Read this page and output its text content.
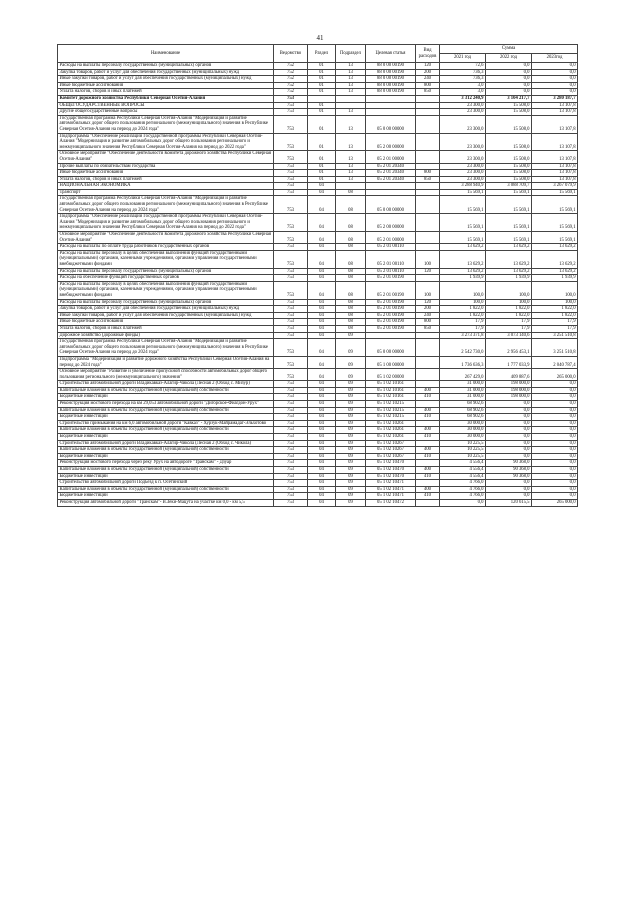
41
Наименование	Ведомство	Раздел	Подраздел	Целевая статья	Вид расходов	Сумма		
						2021 год	2022 год	2023год
Расходы на выплаты персоналу государственных (муниципальных) органов	752	01	13	88 0 00 00190	120	72,6	0,0	0,0
Закупка товаров, работ и услуг для обеспечения государственных (муниципальных) нужд	752	01	13	88 0 00 00190	200	736,3	0,0	0,0
Иные закупки товаров, работ и услуг для обеспечения государственных (муниципальных) нужд	752	01	13	88 0 00 00190	240	736,3	0,0	0,0
Иные бюджетные ассигнования	752	01	13	88 0 00 00190	800	3,0	0,0	0,0
Уплата налогов, сборов и иных платежей	752	01	13	88 0 00 00190	850	3,0	0,0	0,0
Комитет дорожного хозяйства Республики Северная Осетия-Алания	753					3 312 240,9	3 104 217,7	3 280 187,7
ОБЩЕГОСУДАРСТВЕННЫЕ ВОПРОСЫ	753	01				23 300,0	15 508,0	13 107,8
Другие общегосударственные вопросы	753	01	13			23 300,0	15 508,0	13 107,8
Государственная программа Республики Северная Осетия-Алания "Модернизация и развитие автомобильных дорог общего пользования регионального (межмуниципального) значения в Республике Северная Осетия-Алания на период до 2024 года"	753	01	13	05 0 00 00000		23 300,0	15 508,0	13 107,8
Подпрограмма "Обеспечение реализации Государственной программы Республики Северная Осетия-Алания "Модернизация и развитие автомобильных дорог общего пользования регионального и межмуниципального значения Республики Северная Осетия-Алания на период до 2022 года"	753	01	13	05 2 00 00000		23 300,0	15 508,0	13 107,8
Основное мероприятие "Обеспечение деятельности Комитета дорожного хозяйства Республики Северная Осетия-Алания"	753	01	13	05 2 01 00000		23 300,0	15 508,0	13 107,8
Прочие выплаты по обязательствам государства	753	01	13	05 2 01 20340		23 300,0	15 508,0	13 107,8
Иные бюджетные ассигнования	753	01	13	05 2 01 20340	800	23 300,0	15 508,0	13 107,8
Уплата налогов, сборов и иных платежей	753	01	13	05 2 01 20340	850	23 300,0	15 508,0	13 107,8
НАЦИОНАЛЬНАЯ ЭКОНОМИКА	753	04				3 288 940,9	3 088 709,7	3 267 079,9
Транспорт	753	04	08			15 569,1	15 569,1	15 569,1
Государственная программа Республики Северная Осетия-Алания "Модернизация и развитие автомобильных дорог общего пользования регионального (межмуниципального) значения в Республике Северная Осетия-Алания на период до 2024 года"	753	04	08	05 0 00 00000		15 569,1	15 569,1	15 569,1
Подпрограмма "Обеспечение реализации Государственной программы Республики Северная Осетия-Алания "Модернизация и развитие автомобильных дорог общего пользования регионального и межмуниципального значения Республики Северная Осетия-Алания на период до 2022 года"	753	04	08	05 2 00 00000		15 569,1	15 569,1	15 569,1
Основное мероприятие "Обеспечение деятельности Комитета дорожного хозяйства Республики Северная Осетия-Алания"	753	04	08	05 2 01 00000		15 569,1	15 569,1	15 569,1
Расходы на выплаты по оплате труда работников государственных органов	753	04	08	05 2 01 00110		13 629,2	13 629,2	13 629,2
Расходы на выплаты персоналу в целях обеспечения выполнения функций государственными (муниципальными) органами, казенными учреждениями, органами управления государственными внебюджетными фондами	753	04	08	05 2 01 00110	100	13 629,2	13 629,2	13 629,2
Расходы на выплаты персоналу государственных (муниципальных) органов	753	04	08	05 2 01 00110	120	13 629,2	13 629,2	13 629,2
Расходы на обеспечение функций государственных органов	753	04	08	05 2 01 00190		1 939,9	1 939,9	1 939,9
Расходы на выплаты персоналу в целях обеспечения выполнения функций государственными (муниципальными) органами, казенными учреждениями, органами управления государственными внебюджетными фондами	753	04	08	05 2 01 00190	100	100,0	100,0	100,0
Расходы на выплаты персоналу государственных (муниципальных) органов	753	04	08	05 2 01 00190	120	100,0	100,0	100,0
Закупка товаров, работ и услуг для обеспечения государственных (муниципальных) нужд	753	04	08	05 2 01 00190	200	1 822,0	1 822,0	1 822,0
Иные закупки товаров, работ и услуг для обеспечения государственных (муниципальных) нужд	753	04	08	05 2 01 00190	240	1 822,0	1 822,0	1 822,0
Иные бюджетные ассигнования	753	04	08	05 2 01 00190	800	17,9	17,9	17,9
Уплата налогов, сборов и иных платежей	753	04	08	05 2 01 00190	850	17,9	17,9	17,9
Дорожное хозяйство (дорожные фонды)	753	04	09			3 273 371,8	3 073 140,6	3 251 510,8
Государственная программа Республики Северная Осетия-Алания "Модернизация и развитие автомобильных дорог общего пользования регионального (межмуниципального) значения в Республике Северная Осетия-Алания на период до 2024 года"	753	04	09	05 0 00 00000		2 542 730,0	2 956 453,1	3 251 510,8
Подпрограмма "Модернизация и развитие дорожного хозяйства Республики Северная Осетия-Алания на период до 2024 года"	753	04	09	05 1 00 00000		1 736 636,3	1 777 033,9	2 040 787,4
Основное мероприятие "Развитие и увеличение пропускной способности автомобильных дорог общего пользования регионального (межмуниципального) значения"	753	04	09	05 1 02 00000		267 429,0	409 887,6	265 000,0
Строительство автомобильной дороги Владикавказ-Алагир-Чикола (Лесная 2 (Обход с. Мизур)	753	04	09	05 1 02 10161		31 000,0	198 000,0	0,0
Капитальные вложения в объекты государственной (муниципальной) собственности	753	04	09	05 1 02 10161	400	31 000,0	198 000,0	0,0
Бюджетные инвестиции	753	04	09	05 1 02 10161	410	31 000,0	198 000,0	0,0
Реконструкция мостового перехода на км 29,053 автомобильной дороги "Дигорское-Фиагдон-Урух"	753	04	09	05 1 02 10215		68 902,6	0,0	0,0
Капитальные вложения в объекты государственной (муниципальной) собственности	753	04	09	05 1 02 10215	400	68 902,6	0,0	0,0
Бюджетные инвестиции	753	04	09	05 1 02 10215	410	68 902,6	0,0	0,0
Строительство примыкания на км 6,0 автомобильной дороги "Кавказ" - Хурзук-Майрамадаг-Эльхотово	753	04	09	05 1 02 10261		30 000,0	0,0	0,0
Капитальные вложения в объекты государственной (муниципальной) собственности	753	04	09	05 1 02 10261	400	30 000,0	0,0	0,0
Бюджетные инвестиции	753	04	09	05 1 02 10261	410	30 000,0	0,0	0,0
Строительство автомобильной дороги Владикавказ-Алагир-Чикола (Лесная 2 (Обход с. Чикола)	753	04	09	05 1 02 10267		10 225,5	0,0	0,0
Капитальные вложения в объекты государственной (муниципальной) собственности	753	04	09	05 1 02 10267	400	10 225,5	0,0	0,0
Бюджетные инвестиции	753	04	09	05 1 02 10267	410	10 225,5	0,0	0,0
Реконструкция мостового перехода через реку Урух на автодороге "Транскам" - Дзуар	753	04	09	05 1 02 10470		4 556,4	90 368,0	0,0
Капитальные вложения в объекты государственной (муниципальной) собственности	753	04	09	05 1 02 10470	400	4 556,4	90 368,0	0,0
Бюджетные инвестиции	753	04	09	05 1 02 10470	410	4 556,4	90 368,0	0,0
Строительство автомобильной дороги Подъезд к п. Осетинский	753	04	09	05 1 02 10471		4 766,0	0,0	0,0
Капитальные вложения в объекты государственной (муниципальной) собственности	753	04	09	05 1 02 10471	400	4 766,0	0,0	0,0
Бюджетные инвестиции	753	04	09	05 1 02 10471	410	4 766,0	0,0	0,0
Реконструкция автомобильной дороги "Транскам"- В.Зеки-Мацута на участке км 0,0 - км 5,5	753	04	09	05 1 02 10472		0,0	120 615,5	265 000,0
